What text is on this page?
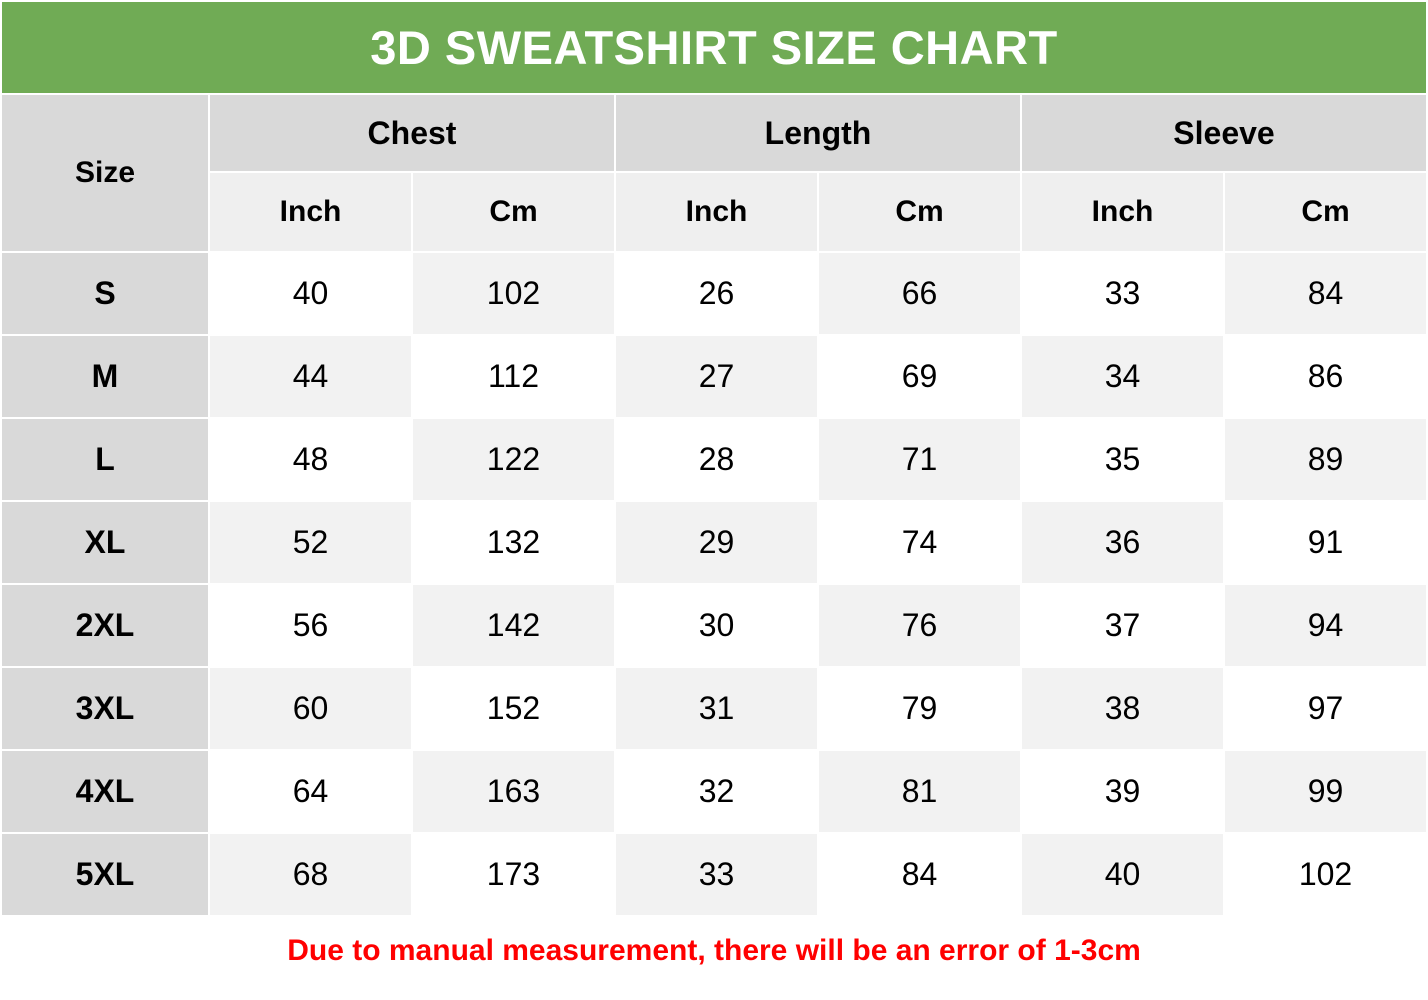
3D SWEATSHIRT SIZE CHART						
Size	Chest		Length		Sleeve	
	Inch	Cm	Inch	Cm	Inch	Cm
S	40	102	26	66	33	84
M	44	112	27	69	34	86
L	48	122	28	71	35	89
XL	52	132	29	74	36	91
2XL	56	142	30	76	37	94
3XL	60	152	31	79	38	97
4XL	64	163	32	81	39	99
5XL	68	173	33	84	40	102
Due to manual measurement, there will be an error of 1-3cm						
